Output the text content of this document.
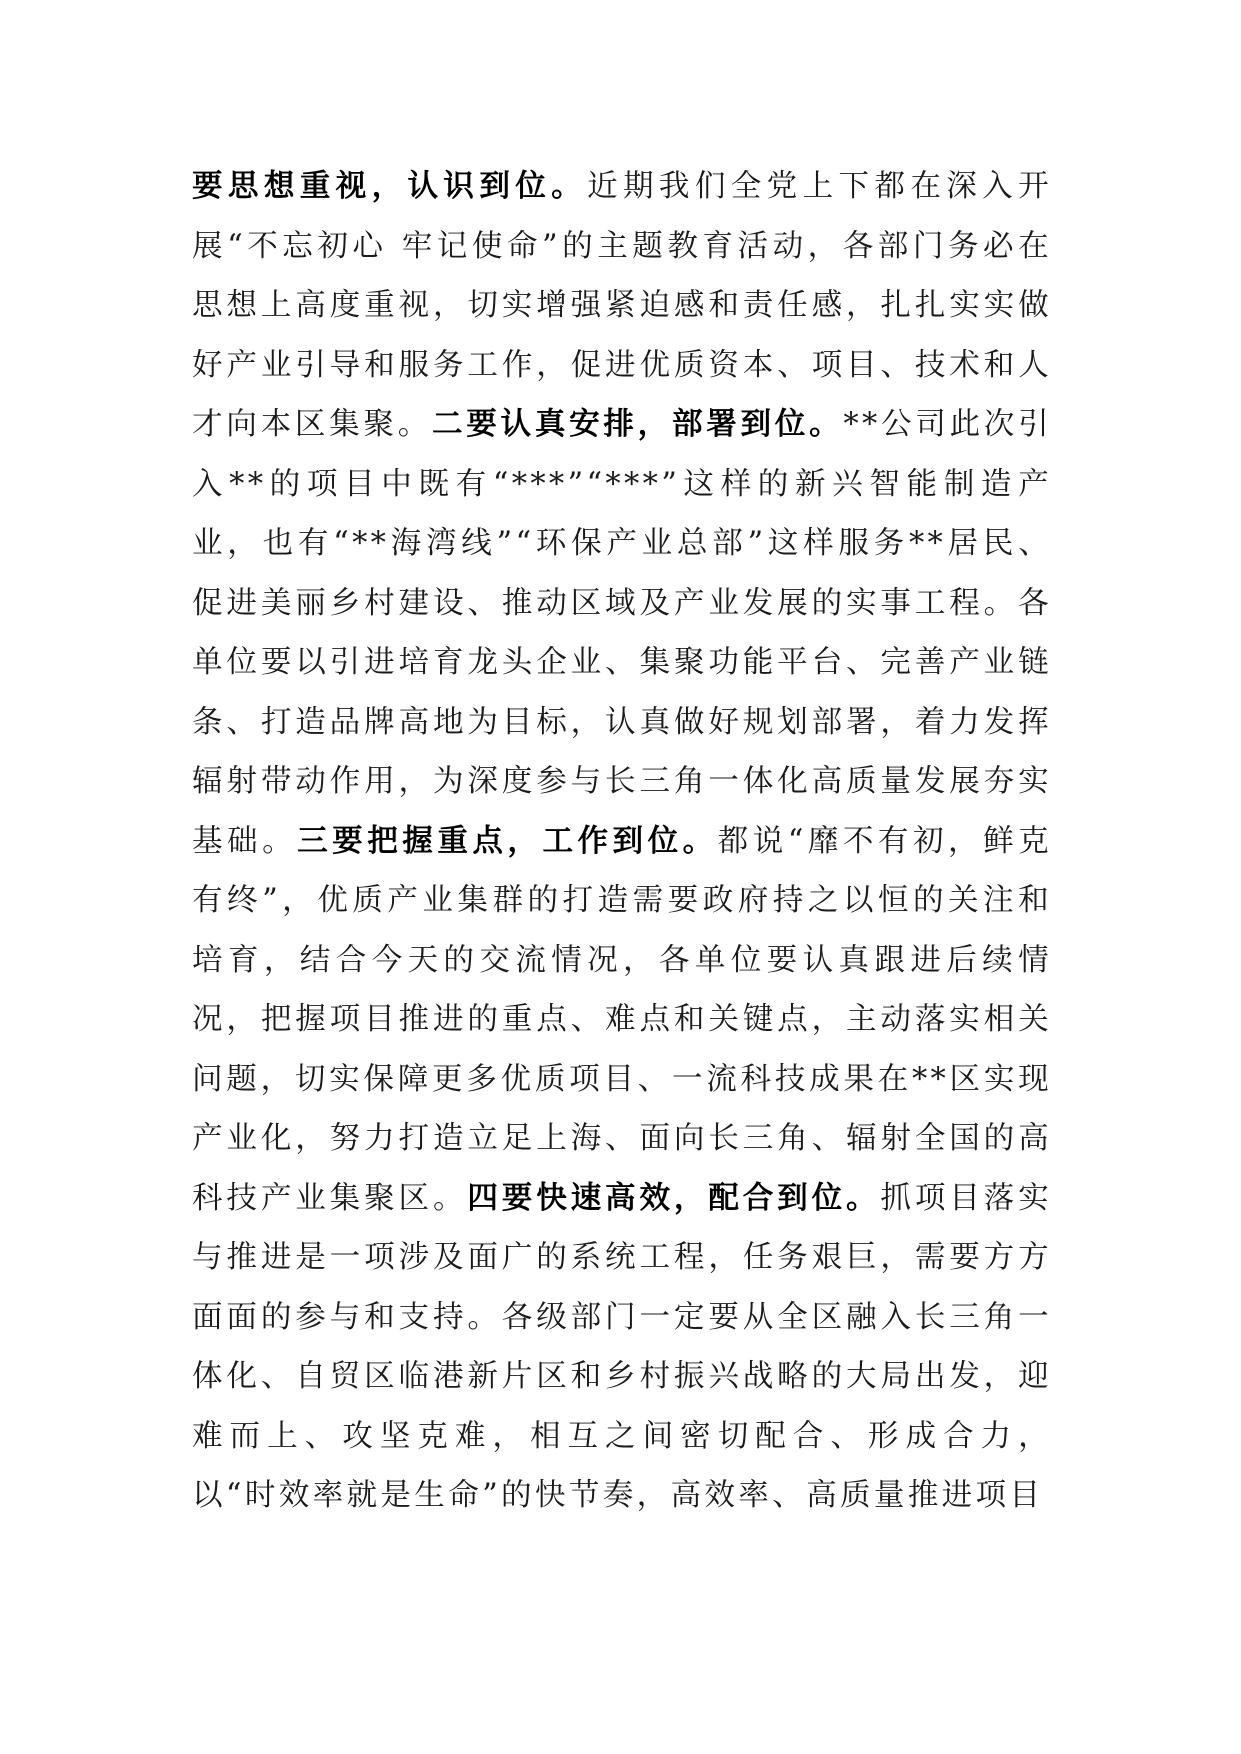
要思想重视，认识到位。近期我们全党上下都在深入开展“不忘初心 牢记使命”的主题教育活动，各部门务必在思想上高度重视，切实增强紧迫感和责任感，扎扎实实做好产业引导和服务工作，促进优质资本、项目、技术和人才向本区集聚。二要认真安排，部署到位。**公司此次引入**的项目中既有“***”“***”这样的新兴智能制造产业，也有“**海湾线”“环保产业总部”这样服务**居民、促进美丽乡村建设、推动区域及产业发展的实事工程。各单位要以引进培育龙头企业、集聚功能平台、完善产业链条、打造品牌高地为目标，认真做好规划部署，着力发挥辐射带动作用，为深度参与长三角一体化高质量发展夯实基础。三要把握重点，工作到位。都说“靡不有初，鲜克有终”，优质产业集群的打造需要政府持之以恒的关注和培育，结合今天的交流情况，各单位要认真跟进后续情况，把握项目推进的重点、难点和关键点，主动落实相关问题，切实保障更多优质项目、一流科技成果在**区实现产业化，努力打造立足上海、面向长三角、辐射全国的高科技产业集聚区。四要快速高效，配合到位。抓项目落实与推进是一项涉及面广的系统工程，任务艰巨，需要方方面面的参与和支持。各级部门一定要从全区融入长三角一体化、自贸区临港新片区和乡村振兴战略的大局出发，迎难而上、攻坚克难，相互之间密切配合、形成合力，以“时效率就是生命”的快节奏，高效率、高质量推进项目
